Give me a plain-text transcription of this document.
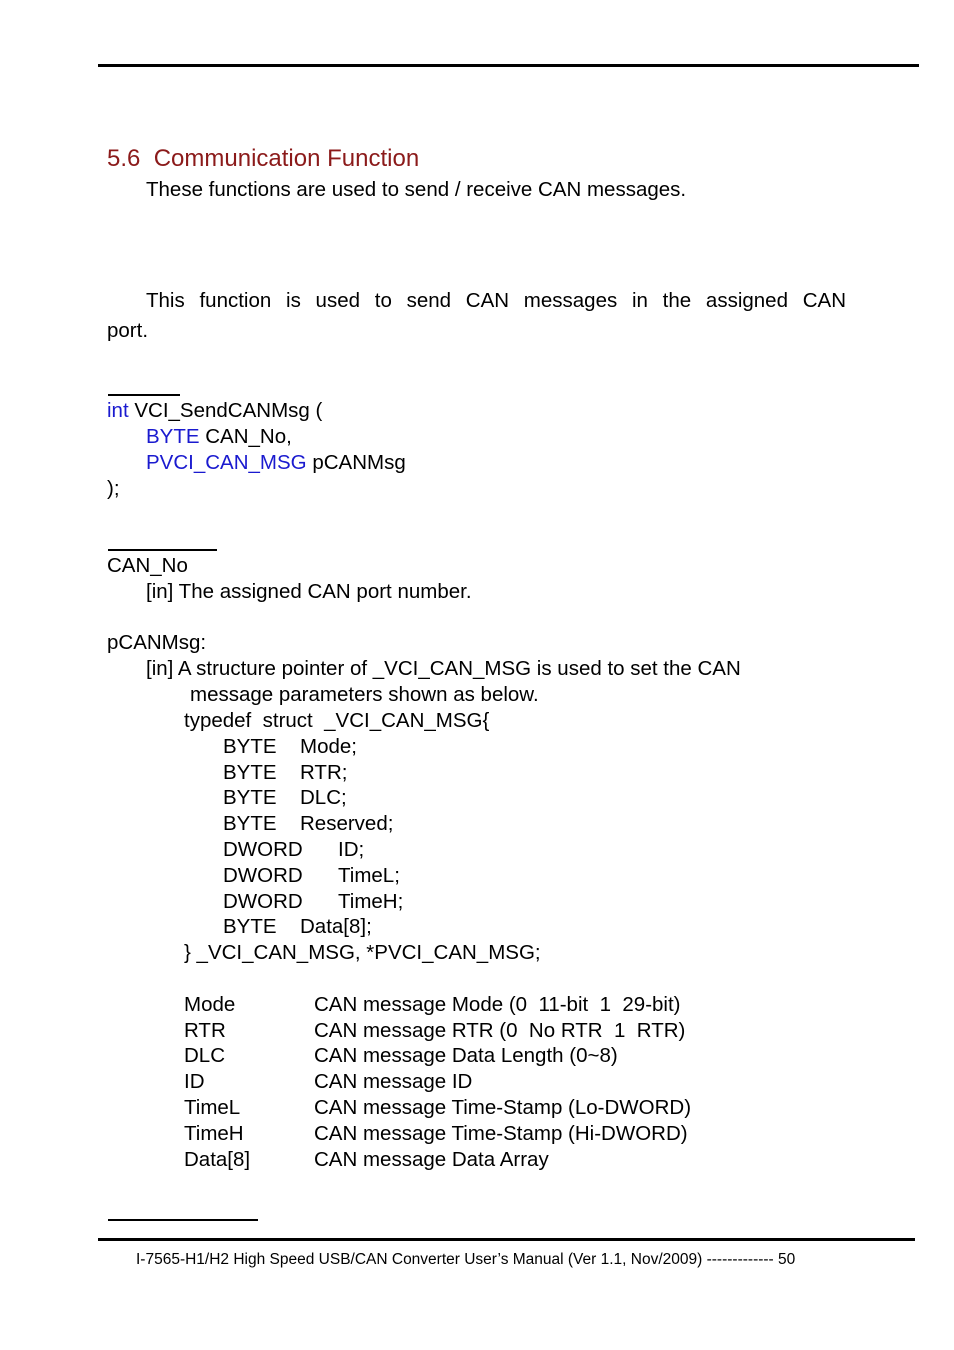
5.6 Communication Function
These functions are used to send / receive CAN messages.
This function is used to send CAN messages in the assigned CAN
port.
int VCI_SendCANMsg (
BYTE CAN_No,
PVCI_CAN_MSG pCANMsg
);
CAN_No
[in] The assigned CAN port number.
pCANMsg:
[in] A structure pointer of _VCI_CAN_MSG is used to set the CAN
message parameters shown as below.
typedef  struct  _VCI_CAN_MSG{
BYTE Mode;
BYTE RTR;
BYTE DLC;
BYTE Reserved;
DWORD ID;
DWORD TimeL;
DWORD TimeH;
BYTE Data[8];
} _VCI_CAN_MSG, *PVCI_CAN_MSG;
Mode	CAN message Mode (0  11-bit  1  29-bit)
RTR	CAN message RTR (0  No RTR  1  RTR)
DLC	CAN message Data Length (0~8)
ID	CAN message ID
TimeL	CAN message Time-Stamp (Lo-DWORD)
TimeH	CAN message Time-Stamp (Hi-DWORD)
Data[8]	CAN message Data Array
I-7565-H1/H2 High Speed USB/CAN Converter User’s Manual (Ver 1.1, Nov/2009) ------------- 50
